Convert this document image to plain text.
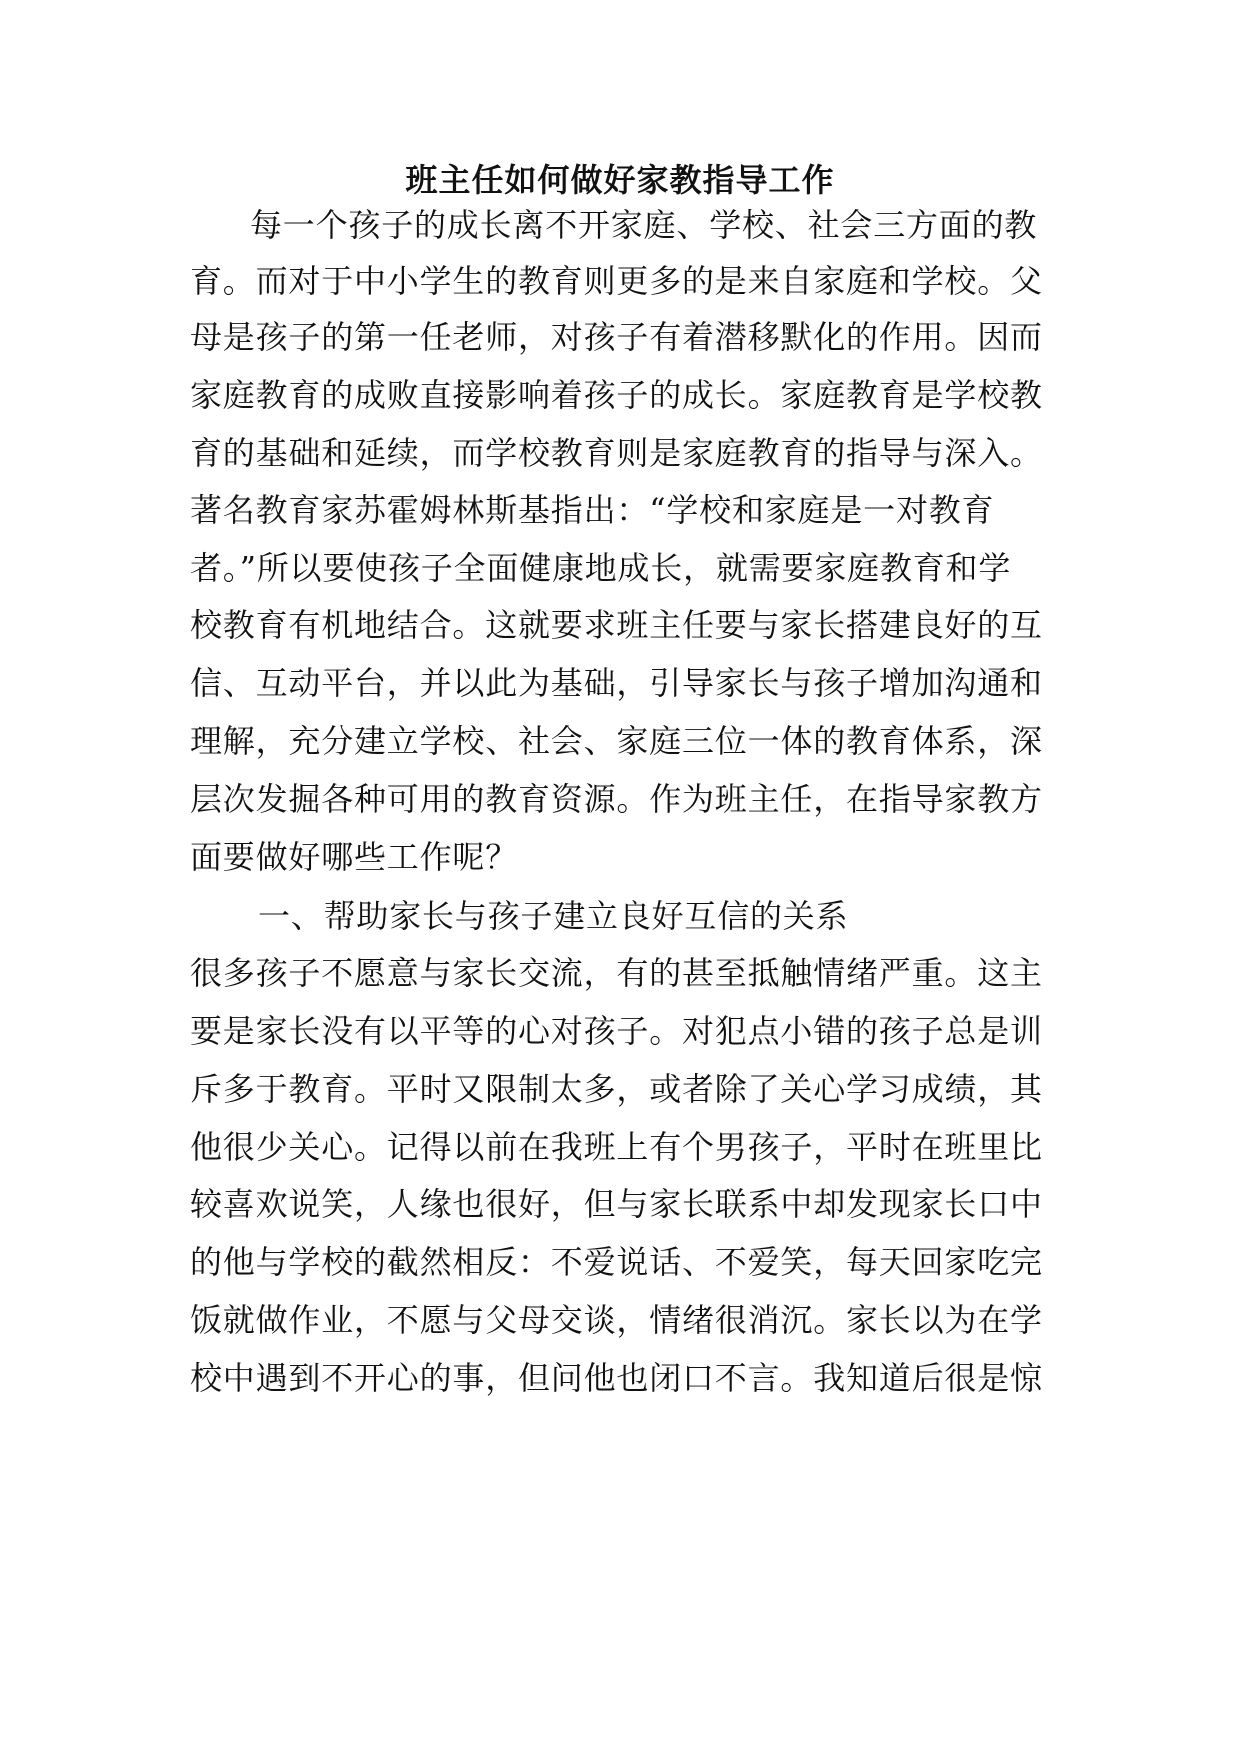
班主任如何做好家教指导工作
每一个孩子的成长离不开家庭、学校、社会三方面的教
育。而对于中小学生的教育则更多的是来自家庭和学校。父
母是孩子的第一任老师，对孩子有着潜移默化的作用。因而
家庭教育的成败直接影响着孩子的成长。家庭教育是学校教
育的基础和延续，而学校教育则是家庭教育的指导与深入。
著名教育家苏霍姆林斯基指出：“学校和家庭是一对教育
者。”所以要使孩子全面健康地成长，就需要家庭教育和学
校教育有机地结合。这就要求班主任要与家长搭建良好的互
信、互动平台，并以此为基础，引导家长与孩子增加沟通和
理解，充分建立学校、社会、家庭三位一体的教育体系，深
层次发掘各种可用的教育资源。作为班主任，在指导家教方
面要做好哪些工作呢？
一、帮助家长与孩子建立良好互信的关系
很多孩子不愿意与家长交流，有的甚至抵触情绪严重。这主
要是家长没有以平等的心对孩子。对犯点小错的孩子总是训
斥多于教育。平时又限制太多，或者除了关心学习成绩，其
他很少关心。记得以前在我班上有个男孩子，平时在班里比
较喜欢说笑，人缘也很好，但与家长联系中却发现家长口中
的他与学校的截然相反：不爱说话、不爱笑，每天回家吃完
饭就做作业，不愿与父母交谈，情绪很消沉。家长以为在学
校中遇到不开心的事，但问他也闭口不言。我知道后很是惊
